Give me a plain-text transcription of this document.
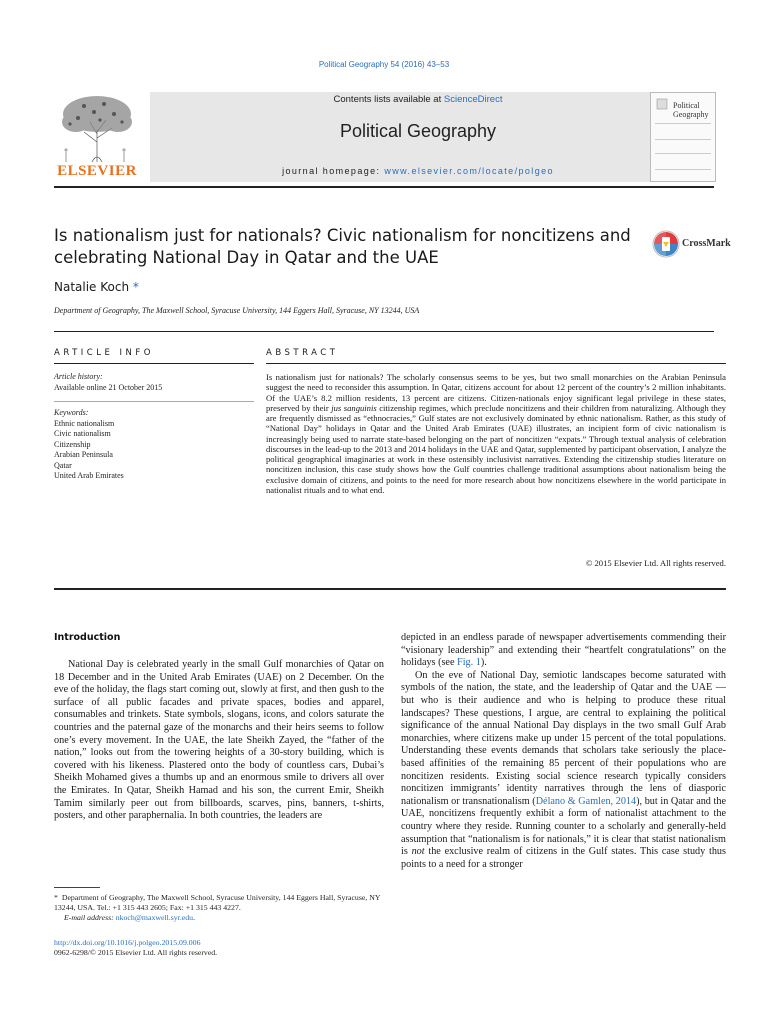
Political Geography 54 (2016) 43–53
ELSEVIER
Contents lists available at ScienceDirect
Political Geography
journal homepage: www.elsevier.com/locate/polgeo
Political
Geography
Is nationalism just for nationals? Civic nationalism for noncitizens and
celebrating National Day in Qatar and the UAE
CrossMark
Natalie Koch *
Department of Geography, The Maxwell School, Syracuse University, 144 Eggers Hall, Syracuse, NY 13244, USA
ARTICLE INFO
Article history:
Available online 21 October 2015
Keywords:
Ethnic nationalism
Civic nationalism
Citizenship
Arabian Peninsula
Qatar
United Arab Emirates
ABSTRACT
Is nationalism just for nationals? The scholarly consensus seems to be yes, but two small monarchies on the Arabian Peninsula suggest the need to reconsider this assumption. In Qatar, citizens account for about 12 percent of the country’s 2 million inhabitants. Of the UAE’s 8.2 million residents, 13 percent are citizens. Citizen-nationals enjoy significant legal privilege in these states, preserved by their jus sanguinis citizenship regimes, which preclude noncitizens and their children from naturalizing. Although they are frequently dismissed as “ethnocracies,” Gulf states are not exclusively dominated by ethnic nationalism. Rather, as this study of “National Day” holidays in Qatar and the United Arab Emirates (UAE) illustrates, an incipient form of civic nationalism is increasingly being used to narrate state-based belonging on the part of noncitizen “expats.” Through textual analysis of celebration discourses in the lead-up to the 2013 and 2014 holidays in the UAE and Qatar, supplemented by participant observation, I analyze the political geographical imaginaries at work in these ostensibly inclusivist narratives. Extending the citizenship studies literature on noncitizen inclusion, this case study shows how the Gulf countries challenge traditional assumptions about nationalism being the exclusive domain of citizens, and points to the need for more research about how noncitizens elsewhere in the world participate in nationalist rituals and to what end.
© 2015 Elsevier Ltd. All rights reserved.
Introduction

National Day is celebrated yearly in the small Gulf monarchies of Qatar on 18 December and in the United Arab Emirates (UAE) on 2 December. On the eve of the holiday, the flags start coming out, slowly at first, and then gush to the surface of all public facades and private spaces, bodies and apparel, consumables and trinkets. State symbols, slogans, icons, and colors saturate the countries and the paternal gaze of the monarchs and their heirs seems to follow one’s every movement. In the UAE, the late Sheikh Zayed, the “father of the nation,” looks out from the towering heights of a 30-story building, which is covered with his likeness. Plastered onto the body of countless cars, Dubai’s Sheikh Mohamed gives a thumbs up and an enormous smile to drivers all over the Emirates. In Qatar, Sheikh Hamad and his son, the current Emir, Sheikh Tamim similarly peer out from billboards, scarves, pins, banners, t-shirts, posters, and other paraphernalia. In both countries, the leaders are

depicted in an endless parade of newspaper advertisements commending their “visionary leadership” and extending their “heartfelt congratulations” on the holidays (see Fig. 1).

On the eve of National Day, semiotic landscapes become saturated with symbols of the nation, the state, and the leadership of Qatar and the UAE — but who is their audience and who is helping to produce these ritual landscapes? These questions, I argue, are central to explaining the political significance of the annual National Day displays in the two small Gulf Arab monarchies, where citizens make up under 15 percent of the total populations. Understanding these events demands that scholars take seriously the place-based affinities of the remaining 85 percent of their populations who are noncitizen residents. Existing social science research typically considers noncitizen immigrants’ identity narratives through the lens of diasporic nationalism or transnationalism (Délano & Gamlen, 2014), but in Qatar and the UAE, noncitizens frequently exhibit a form of nationalist attachment to the country where they reside. Running counter to a scholarly and generally-held assumption that “nationalism is for nationals,” it is clear that statist nationalism is not the exclusive realm of citizens in the Gulf states. This case study thus points to a need for a stronger

* Department of Geography, The Maxwell School, Syracuse University, 144 Eggers Hall, Syracuse, NY 13244, USA. Tel.: +1 315 443 2605; Fax: +1 315 443 4227.
E-mail address: nkoch@maxwell.syr.edu.
http://dx.doi.org/10.1016/j.polgeo.2015.09.006
0962-6298/© 2015 Elsevier Ltd. All rights reserved.
